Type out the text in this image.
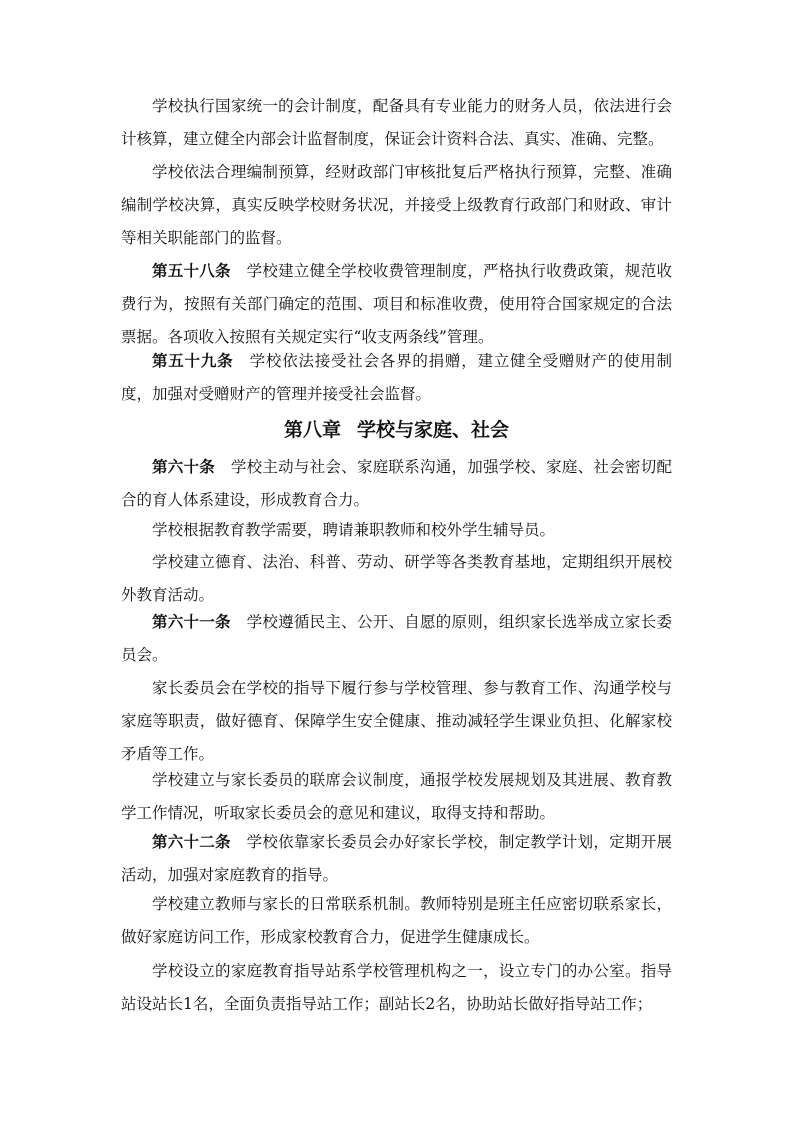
学校执行国家统一的会计制度，配备具有专业能力的财务人员，依法进行会计核算，建立健全内部会计监督制度，保证会计资料合法、真实、准确、完整。

学校依法合理编制预算，经财政部门审核批复后严格执行预算，完整、准确编制学校决算，真实反映学校财务状况，并接受上级教育行政部门和财政、审计等相关职能部门的监督。

第五十八条　 学校建立健全学校收费管理制度，严格执行收费政策，规范收费行为，按照有关部门确定的范围、项目和标准收费，使用符合国家规定的合法票据。各项收入按照有关规定实行“收支两条线”管理。

第五十九条　 学校依法接受社会各界的捐赠，建立健全受赠财产的使用制度，加强对受赠财产的管理并接受社会监督。

第八章 学校与家庭、社会

第六十条　 学校主动与社会、家庭联系沟通，加强学校、家庭、社会密切配合的育人体系建设，形成教育合力。

学校根据教育教学需要，聘请兼职教师和校外学生辅导员。

学校建立德育、法治、科普、劳动、研学等各类教育基地，定期组织开展校外教育活动。

第六十一条　 学校遵循民主、公开、自愿的原则，组织家长选举成立家长委员会。

家长委员会在学校的指导下履行参与学校管理、参与教育工作、沟通学校与家庭等职责，做好德育、保障学生安全健康、推动减轻学生课业负担、化解家校矛盾等工作。

学校建立与家长委员的联席会议制度，通报学校发展规划及其进展、教育教学工作情况，听取家长委员会的意见和建议，取得支持和帮助。

第六十二条　 学校依靠家长委员会办好家长学校，制定教学计划，定期开展活动，加强对家庭教育的指导。

学校建立教师与家长的日常联系机制。教师特别是班主任应密切联系家长，做好家庭访问工作，形成家校教育合力，促进学生健康成长。

学校设立的家庭教育指导站系学校管理机构之一，设立专门的办公室。指导站设站长1名，全面负责指导站工作；副站长2名，协助站长做好指导站工作；
